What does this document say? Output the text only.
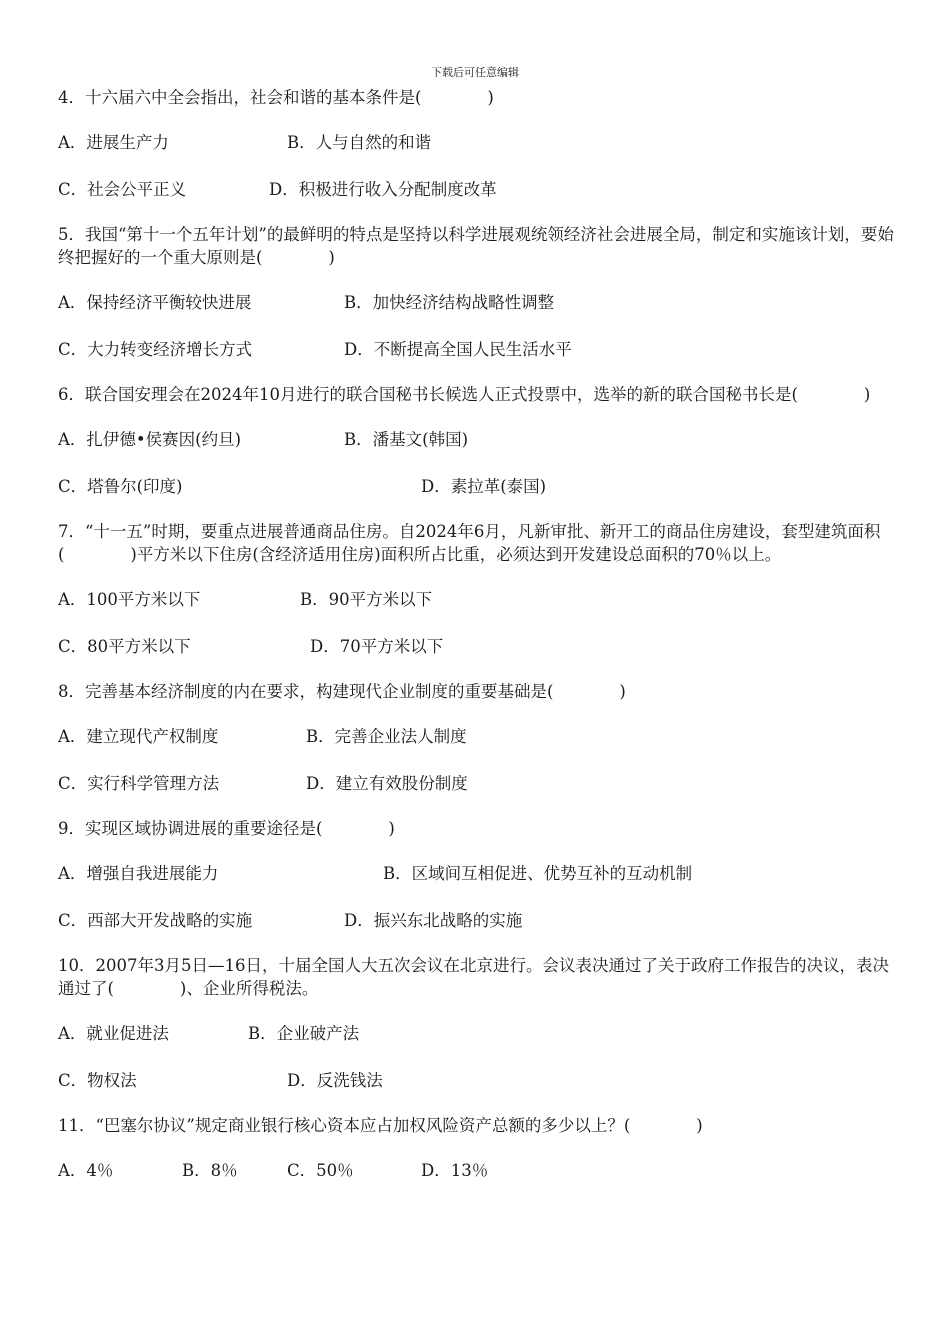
下载后可任意编辑

4．十六届六中全会指出，社会和谐的基本条件是(　　　　)

A．进展生产力	B．人与自然的和谐
C．社会公平正义	D．积极进行收入分配制度改革

5．我国“第十一个五年计划”的最鲜明的特点是坚持以科学进展观统领经济社会进展全局，制定和实施该计划，要始终把握好的一个重大原则是(　　　　)

A．保持经济平衡较快进展	B．加快经济结构战略性调整
C．大力转变经济增长方式	D．不断提高全国人民生活水平

6．联合国安理会在2024年10月进行的联合国秘书长候选人正式投票中，选举的新的联合国秘书长是(　　　　)

A．扎伊德•侯赛因(约旦)	B．潘基文(韩国)
C．塔鲁尔(印度)	D．素拉革(泰国)

7．“十一五”时期，要重点进展普通商品住房。自2024年6月，凡新审批、新开工的商品住房建设，套型建筑面积(　　　　)平方米以下住房(含经济适用住房)面积所占比重，必须达到开发建设总面积的70％以上。

A．100平方米以下	B．90平方米以下
C．80平方米以下	D．70平方米以下

8．完善基本经济制度的内在要求，构建现代企业制度的重要基础是(　　　　)

A．建立现代产权制度	B．完善企业法人制度
C．实行科学管理方法	D．建立有效股份制度

9．实现区域协调进展的重要途径是(　　　　)

A．增强自我进展能力	B．区域间互相促进、优势互补的互动机制
C．西部大开发战略的实施	D．振兴东北战略的实施

10．2007年3月5日—16日，十届全国人大五次会议在北京进行。会议表决通过了关于政府工作报告的决议，表决通过了(　　　　)、企业所得税法。

A．就业促进法	B．企业破产法
C．物权法	D．反洗钱法

11．“巴塞尔协议”规定商业银行核心资本应占加权风险资产总额的多少以上？(　　　　)

A．4％	B．8％	C．50％	D．13％
